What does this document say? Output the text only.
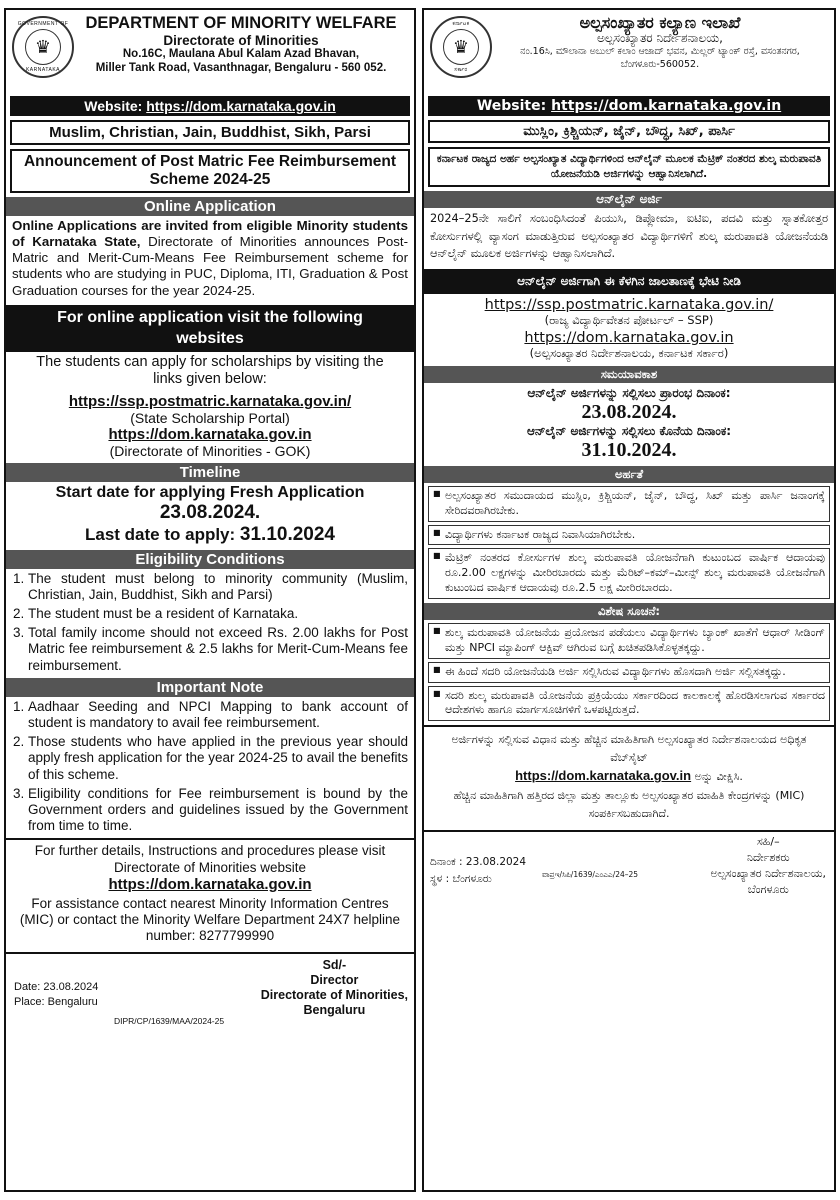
GOVERNMENT OF
♛
KARNATAKA
DEPARTMENT OF MINORITY WELFARE
Directorate of Minorities
No.16C, Maulana Abul Kalam Azad Bhavan,
Miller Tank Road, Vasanthnagar, Bengaluru - 560 052.
Website: https://dom.karnataka.gov.in
Muslim, Christian, Jain, Buddhist, Sikh, Parsi
Announcement of Post Matric Fee Reimbursement Scheme 2024-25
Online Application
Online Applications are invited from eligible Minority students of Karnataka State, Directorate of Minorities announces Post-Matric and Merit-Cum-Means Fee Reimbursement scheme for students who are studying in PUC, Diploma, ITI, Graduation & Post Graduation courses for the year 2024-25.
For online application visit the following websites
The students can apply for scholarships by visiting the links given below:
https://ssp.postmatric.karnataka.gov.in/
(State Scholarship Portal)
https://dom.karnataka.gov.in
(Directorate of Minorities - GOK)
Timeline
Start date for applying Fresh Application
23.08.2024.
Last date to apply: 31.10.2024
Eligibility Conditions
1. The student must belong to minority community (Muslim, Christian, Jain, Buddhist, Sikh and Parsi)
2. The student must be a resident of Karnataka.
3. Total family income should not exceed Rs. 2.00 lakhs for Post Matric fee reimbursement & 2.5 lakhs for Merit-Cum-Means fee reimbursement.
Important Note
1. Aadhaar Seeding and NPCI Mapping to bank account of student is mandatory to avail fee reimbursement.
2. Those students who have applied in the previous year should apply fresh application for the year 2024-25 to avail the benefits of this scheme.
3. Eligibility conditions for Fee reimbursement is bound by the Government orders and guidelines issued by the Government from time to time.
For further details, Instructions and procedures please visit Directorate of Minorities website
https://dom.karnataka.gov.in
For assistance contact nearest Minority Information Centres (MIC) or contact the Minority Welfare Department 24X7 helpline number: 8277799990
Date: 23.08.2024
Place: Bengaluru
Sd/-
Director
Directorate of Minorities,
Bengaluru
DIPR/CP/1639/MAA/2024-25
ಕರ್ನಾಟಕ
♛
ಸರ್ಕಾರ
ಅಲ್ಪಸಂಖ್ಯಾತರ ಕಲ್ಯಾಣ ಇಲಾಖೆ
ಅಲ್ಪಸಂಖ್ಯಾತರ ನಿರ್ದೇಶನಾಲಯ,
ನಂ.16ಸಿ, ಮೌಲಾನಾ ಅಬುಲ್ ಕಲಾಂ ಆಜಾದ್ ಭವನ, ಮಿಲ್ಲರ್ ಟ್ಯಾಂಕ್ ರಸ್ತೆ, ವಸಂತನಗರ, ಬೆಂಗಳೂರು-560052.
Website: https://dom.karnataka.gov.in
ಮುಸ್ಲಿಂ, ಕ್ರಿಶ್ಚಿಯನ್, ಜೈನ್, ಬೌದ್ಧ, ಸಿಖ್, ಪಾರ್ಸಿ
ಕರ್ನಾಟಕ ರಾಜ್ಯದ ಅರ್ಹ ಅಲ್ಪಸಂಖ್ಯಾತ ವಿದ್ಯಾರ್ಥಿಗಳಿಂದ ಆನ್‌ಲೈನ್ ಮೂಲಕ ಮೆಟ್ರಿಕ್ ನಂತರದ ಶುಲ್ಕ ಮರುಪಾವತಿ ಯೋಜನೆಯಡಿ ಅರ್ಜಿಗಳನ್ನು ಆಹ್ವಾನಿಸಲಾಗಿದೆ.
ಆನ್‌ಲೈನ್ ಅರ್ಜಿ
2024–25ನೇ ಸಾಲಿಗೆ ಸಂಬಂಧಿಸಿದಂತೆ ಪಿಯುಸಿ, ಡಿಪ್ಲೋಮಾ, ಐಟಿಐ, ಪದವಿ ಮತ್ತು ಸ್ನಾತಕೋತ್ತರ ಕೋರ್ಸುಗಳಲ್ಲಿ ವ್ಯಾಸಂಗ ಮಾಡುತ್ತಿರುವ ಅಲ್ಪಸಂಖ್ಯಾತರ ವಿದ್ಯಾರ್ಥಿಗಳಿಗೆ ಶುಲ್ಕ ಮರುಪಾವತಿ ಯೋಜನೆಯಡಿ ಆನ್‌ಲೈನ್ ಮೂಲಕ ಅರ್ಜಿಗಳನ್ನು ಆಹ್ವಾನಿಸಲಾಗಿದೆ.
ಆನ್‌ಲೈನ್ ಅರ್ಜಿಗಾಗಿ ಈ ಕೆಳಗಿನ ಜಾಲತಾಣಕ್ಕೆ ಭೇಟಿ ನೀಡಿ
https://ssp.postmatric.karnataka.gov.in/
(ರಾಜ್ಯ ವಿದ್ಯಾರ್ಥಿವೇತನ ಪೋರ್ಟಲ್ – SSP)
https://dom.karnataka.gov.in
(ಅಲ್ಪಸಂಖ್ಯಾತರ ನಿರ್ದೇಶನಾಲಯ, ಕರ್ನಾಟಕ ಸರ್ಕಾರ)
ಸಮಯಾವಕಾಶ
ಆನ್‌ಲೈನ್ ಅರ್ಜಿಗಳನ್ನು ಸಲ್ಲಿಸಲು ಪ್ರಾರಂಭ ದಿನಾಂಕ:
23.08.2024.
ಆನ್‌ಲೈನ್ ಅರ್ಜಿಗಳನ್ನು ಸಲ್ಲಿಸಲು ಕೊನೆಯ ದಿನಾಂಕ:
31.10.2024.
ಅರ್ಹತೆ
■ ಅಲ್ಪಸಂಖ್ಯಾತರ ಸಮುದಾಯದ ಮುಸ್ಲಿಂ, ಕ್ರಿಶ್ಚಿಯನ್, ಜೈನ್, ಬೌದ್ಧ, ಸಿಖ್ ಮತ್ತು ಪಾರ್ಸಿ ಜನಾಂಗಕ್ಕೆ ಸೇರಿದವರಾಗಿರಬೇಕು.
■ ವಿದ್ಯಾರ್ಥಿಗಳು ಕರ್ನಾಟಕ ರಾಜ್ಯದ ನಿವಾಸಿಯಾಗಿರಬೇಕು.
■ ಮೆಟ್ರಿಕ್ ನಂತರದ ಕೋರ್ಸುಗಳ ಶುಲ್ಕ ಮರುಪಾವತಿ ಯೋಜನೆಗಾಗಿ ಕುಟುಂಬದ ವಾರ್ಷಿಕ ಆದಾಯವು ರೂ.2.00 ಲಕ್ಷಗಳನ್ನು ಮೀರಿರಬಾರದು ಮತ್ತು ಮೆರಿಟ್–ಕಮ್–ಮೀನ್ಸ್ ಶುಲ್ಕ ಮರುಪಾವತಿ ಯೋಜನೆಗಾಗಿ ಕುಟುಂಬದ ವಾರ್ಷಿಕ ಆದಾಯವು ರೂ.2.5 ಲಕ್ಷ ಮೀರಿರಬಾರದು.
ವಿಶೇಷ ಸೂಚನೆ:
■ ಶುಲ್ಕ ಮರುಪಾವತಿ ಯೋಜನೆಯ ಪ್ರಯೋಜನ ಪಡೆಯಲು ವಿದ್ಯಾರ್ಥಿಗಳು ಬ್ಯಾಂಕ್ ಖಾತೆಗೆ ಆಧಾರ್ ಸೀಡಿಂಗ್ ಮತ್ತು NPCI ಮ್ಯಾಪಿಂಗ್ ಆಕ್ಟಿವ್ ಆಗಿರುವ ಬಗ್ಗೆ ಖಚಿತಪಡಿಸಿಕೊಳ್ಳತಕ್ಕದ್ದು.
■ ಈ ಹಿಂದೆ ಸದರಿ ಯೋಜನೆಯಡಿ ಅರ್ಜಿ ಸಲ್ಲಿಸಿರುವ ವಿದ್ಯಾರ್ಥಿಗಳು ಹೊಸದಾಗಿ ಅರ್ಜಿ ಸಲ್ಲಿಸತಕ್ಕದ್ದು.
■ ಸದರಿ ಶುಲ್ಕ ಮರುಪಾವತಿ ಯೋಜನೆಯ ಪ್ರಕ್ರಿಯೆಯು ಸರ್ಕಾರದಿಂದ ಕಾಲಕಾಲಕ್ಕೆ ಹೊರಡಿಸಲಾಗುವ ಸರ್ಕಾರದ ಆದೇಶಗಳು ಹಾಗೂ ಮಾರ್ಗಸೂಚಿಗಳಿಗೆ ಒಳಪಟ್ಟಿರುತ್ತದೆ.
ಅರ್ಜಿಗಳನ್ನು ಸಲ್ಲಿಸುವ ವಿಧಾನ ಮತ್ತು ಹೆಚ್ಚಿನ ಮಾಹಿತಿಗಾಗಿ ಅಲ್ಪಸಂಖ್ಯಾತರ ನಿರ್ದೇಶನಾಲಯದ ಅಧಿಕೃತ ವೆಬ್‌ಸೈಟ್
https://dom.karnataka.gov.in ಅನ್ನು ವೀಕ್ಷಿಸಿ.
ಹೆಚ್ಚಿನ ಮಾಹಿತಿಗಾಗಿ ಹತ್ತಿರದ ಜಿಲ್ಲಾ ಮತ್ತು ತಾಲ್ಲೂಕು ಅಲ್ಪಸಂಖ್ಯಾತರ ಮಾಹಿತಿ ಕೇಂದ್ರಗಳನ್ನು (MIC) ಸಂಪರ್ಕಿಸಬಹುದಾಗಿದೆ.
ದಿನಾಂಕ : 23.08.2024
ಸ್ಥಳ : ಬೆಂಗಳೂರು
ಸಹಿ/–
ನಿರ್ದೇಶಕರು
ಅಲ್ಪಸಂಖ್ಯಾತರ ನಿರ್ದೇಶನಾಲಯ,
ಬೆಂಗಳೂರು
ವಾಪ್ರಇ/ಸಿಪಿ/1639/ಎಂಎಎ/24–25
